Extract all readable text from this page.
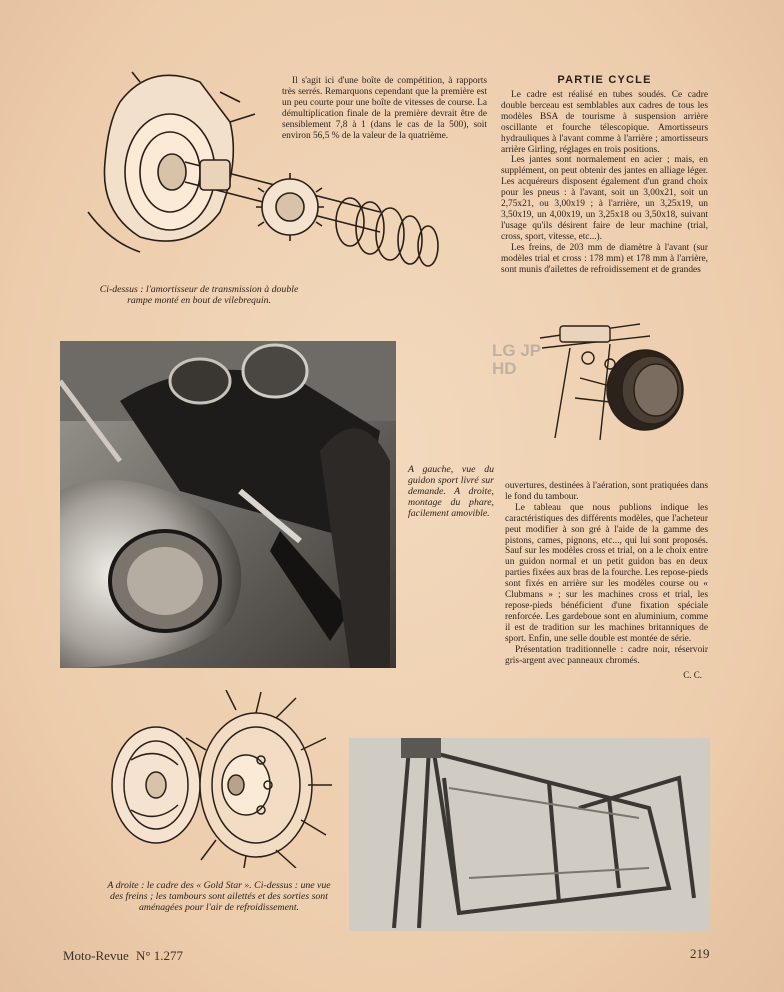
Il s'agit ici d'une boîte de compétition, à rapports très serrés. Remarquons cependant que la première est un peu courte pour une boîte de vitesses de course. La démultiplication finale de la première devrait être de sensiblement 7,8 à 1 (dans le cas de la 500), soit environ 56,5 % de la valeur de la quatrième.

Ci-dessus : l'amortisseur de transmission à double rampe monté en bout de vilebrequin.
PARTIE CYCLE

Le cadre est réalisé en tubes soudés. Ce cadre double berceau est semblables aux cadres de tous les modèles BSA de tourisme à suspension arrière oscillante et fourche télescopique. Amortisseurs hydrauliques à l'avant comme à l'arrière ; amortisseurs arrière Girling, réglages en trois positions.

Les jantes sont normalement en acier ; mais, en supplément, on peut obtenir des jantes en alliage léger. Les acquéreurs disposent également d'un grand choix pour les pneus : à l'avant, soit un 3,00x21, soit un 2,75x21, ou 3,00x19 ; à l'arrière, un 3,25x19, un 3,50x19, un 4,00x19, un 3,25x18 ou 3,50x18, suivant l'usage qu'ils désirent faire de leur machine (trial, cross, sport, vitesse, etc...).

Les freins, de 203 mm de diamètre à l'avant (sur modèles trial et cross : 178 mm) et 178 mm à l'arrière, sont munis d'ailettes de refroidissement et de grandes

LG JP HD
A gauche, vue du guidon sport livré sur demande. A droite, montage du phare, facilement amovible.

ouvertures, destinées à l'aération, sont pratiquées dans le fond du tambour.

Le tableau que nous publions indique les caractéristiques des différents modèles, que l'acheteur peut modifier à son gré à l'aide de la gamme des pistons, cames, pignons, etc..., qui lui sont proposés. Sauf sur les modèles cross et trial, on a le choix entre un guidon normal et un petit guidon bas en deux parties fixées aux bras de la fourche. Les repose-pieds sont fixés en arrière sur les modèles course ou « Clubmans » ; sur les machines cross et trial, les repose-pieds bénéficient d'une fixation spéciale renforcée. Les gardeboue sont en aluminium, comme il est de tradition sur les machines britanniques de sport. Enfin, une selle double est montée de série.

Présentation traditionnelle : cadre noir, réservoir gris-argent avec panneaux chromés.

C. C.
A droite : le cadre des « Gold Star ». Ci-dessus : une vue des freins ; les tambours sont ailettés et des sorties sont aménagées pour l'air de refroidissement.
Moto-Revue N° 1.277	219
